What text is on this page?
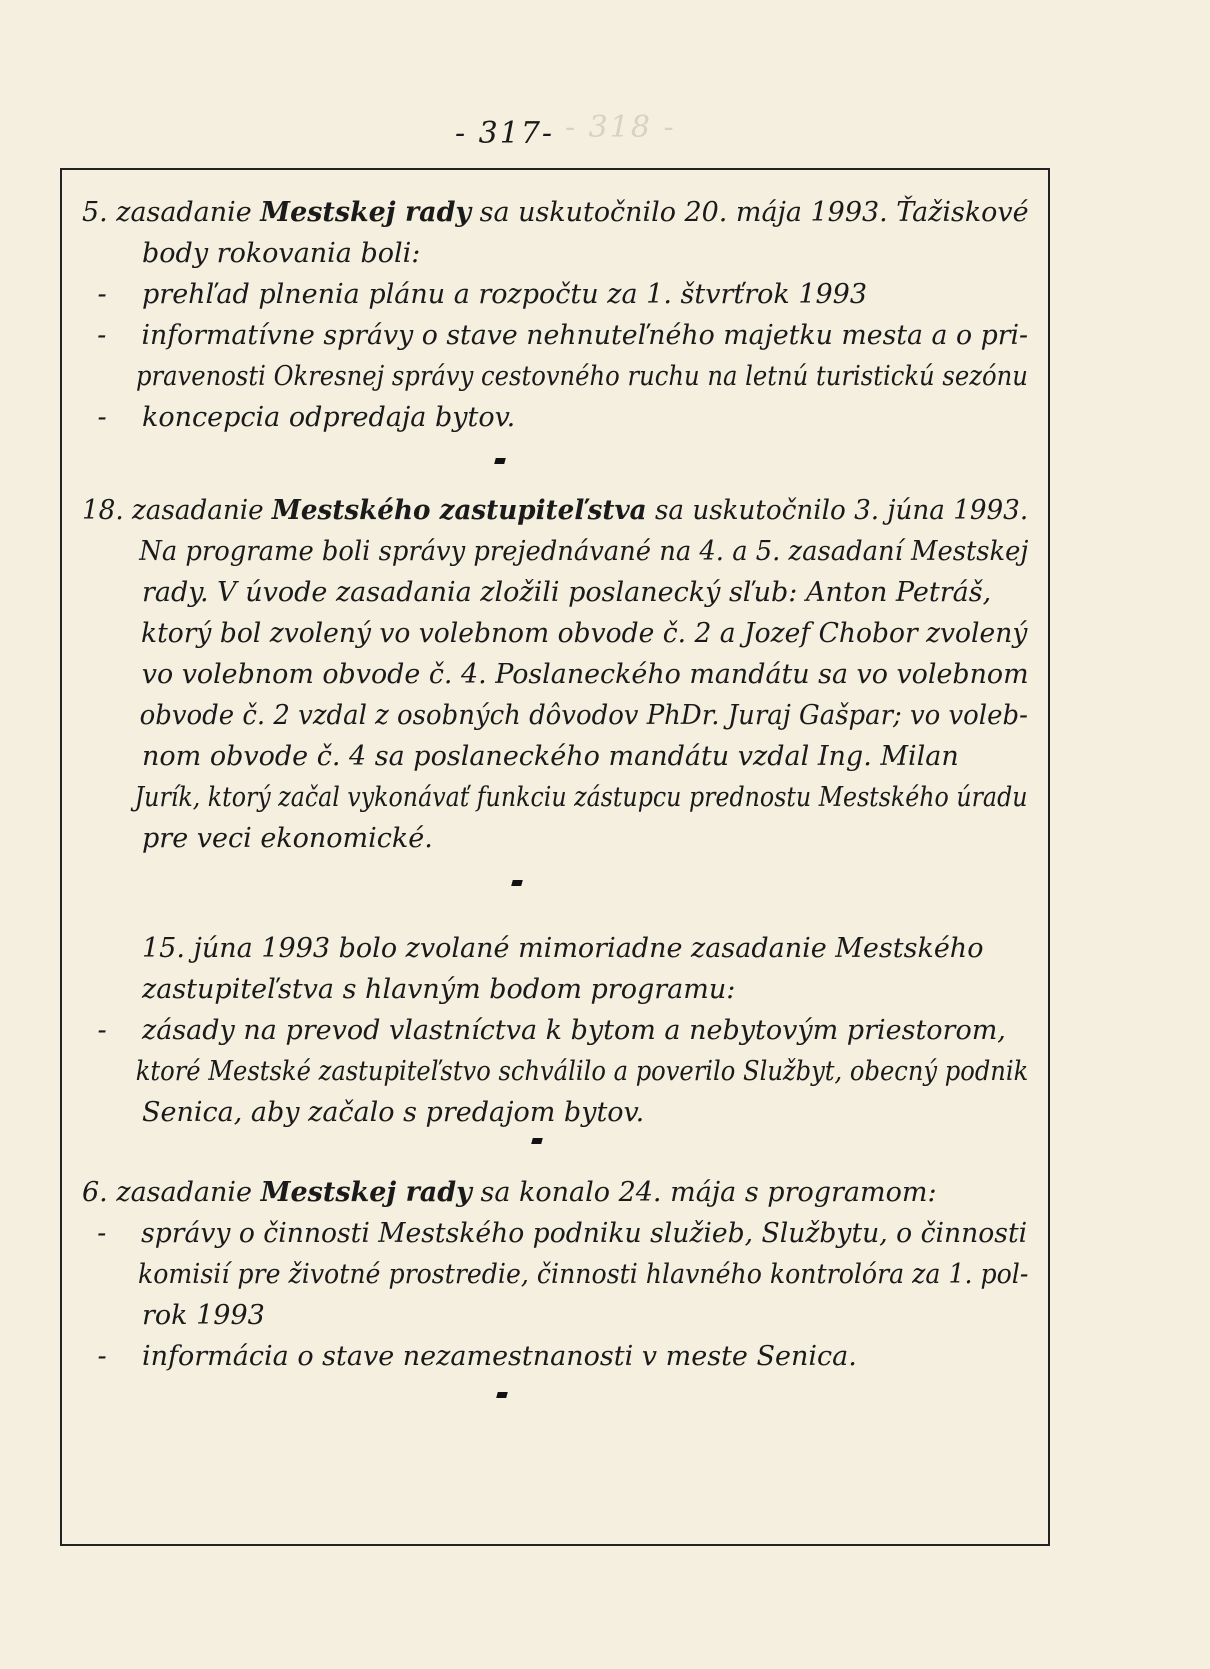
- 317- - 318 -
5. zasadanie Mestskej rady sa uskutočnilo 20. mája 1993. Ťažiskové
body rokovania boli:
- prehľad plnenia plánu a rozpočtu za 1. štvrťrok 1993
- informatívne správy o stave nehnuteľného majetku mesta a o pri-
pravenosti Okresnej správy cestovného ruchu na letnú turistickú sezónu
- koncepcia odpredaja bytov.
18. zasadanie Mestského zastupiteľstva sa uskutočnilo 3. júna 1993.
Na programe boli správy prejednávané na 4. a 5. zasadaní Mestskej
rady. V úvode zasadania zložili poslanecký sľub: Anton Petráš,
ktorý bol zvolený vo volebnom obvode č. 2 a Jozef Chobor zvolený
vo volebnom obvode č. 4. Poslaneckého mandátu sa vo volebnom
obvode č. 2 vzdal z osobných dôvodov PhDr. Juraj Gašpar; vo voleb-
nom obvode č. 4 sa poslaneckého mandátu vzdal Ing. Milan
Jurík, ktorý začal vykonávať funkciu zástupcu prednostu Mestského úradu
pre veci ekonomické.
15. júna 1993 bolo zvolané mimoriadne zasadanie Mestského
zastupiteľstva s hlavným bodom programu:
- zásady na prevod vlastníctva k bytom a nebytovým priestorom,
ktoré Mestské zastupiteľstvo schválilo a poverilo Službyt, obecný podnik
Senica, aby začalo s predajom bytov.
6. zasadanie Mestskej rady sa konalo 24. mája s programom:
- správy o činnosti Mestského podniku služieb, Službytu, o činnosti
komisií pre životné prostredie, činnosti hlavného kontrolóra za 1. pol-
rok 1993
- informácia o stave nezamestnanosti v meste Senica.
